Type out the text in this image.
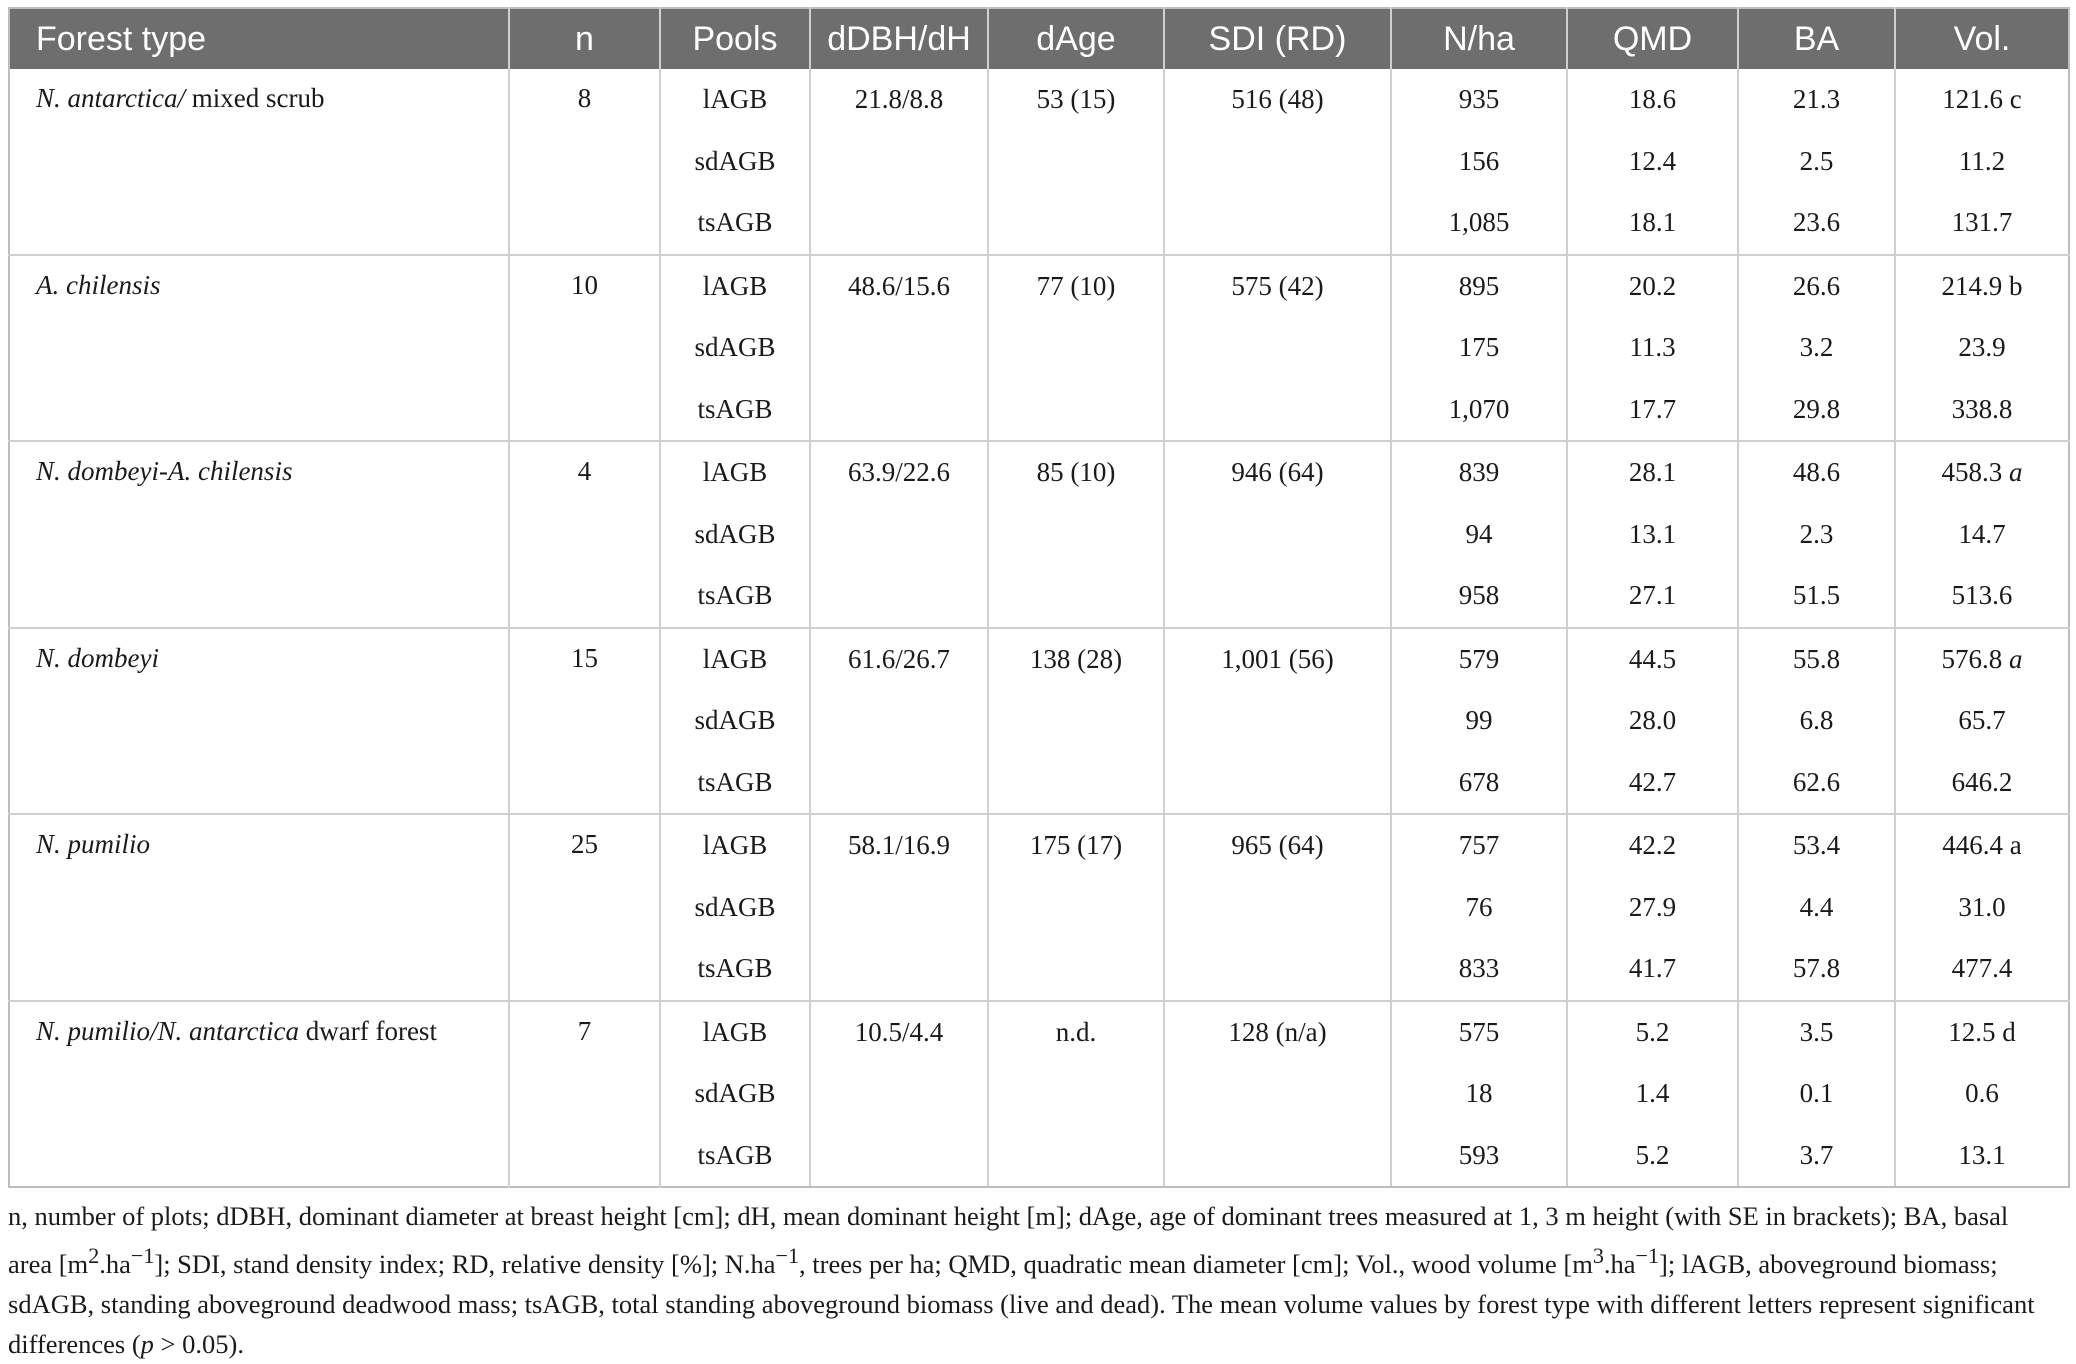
Forest type	n	Pools	dDBH/dH	dAge	SDI (RD)	N/ha	QMD	BA	Vol.
N. antarctica/ mixed scrub	8	lAGB	21.8/8.8	53 (15)	516 (48)	935	18.6	21.3	121.6 c
		sdAGB				156	12.4	2.5	11.2
		tsAGB				1,085	18.1	23.6	131.7
A. chilensis	10	lAGB	48.6/15.6	77 (10)	575 (42)	895	20.2	26.6	214.9 b
		sdAGB				175	11.3	3.2	23.9
		tsAGB				1,070	17.7	29.8	338.8
N. dombeyi-A. chilensis	4	lAGB	63.9/22.6	85 (10)	946 (64)	839	28.1	48.6	458.3 a
		sdAGB				94	13.1	2.3	14.7
		tsAGB				958	27.1	51.5	513.6
N. dombeyi	15	lAGB	61.6/26.7	138 (28)	1,001 (56)	579	44.5	55.8	576.8 a
		sdAGB				99	28.0	6.8	65.7
		tsAGB				678	42.7	62.6	646.2
N. pumilio	25	lAGB	58.1/16.9	175 (17)	965 (64)	757	42.2	53.4	446.4 a
		sdAGB				76	27.9	4.4	31.0
		tsAGB				833	41.7	57.8	477.4
N. pumilio/N. antarctica dwarf forest	7	lAGB	10.5/4.4	n.d.	128 (n/a)	575	5.2	3.5	12.5 d
		sdAGB				18	1.4	0.1	0.6
		tsAGB				593	5.2	3.7	13.1
n, number of plots; dDBH, dominant diameter at breast height [cm]; dH, mean dominant height [m]; dAge, age of dominant trees measured at 1, 3 m height (with SE in brackets); BA, basal area $[m^2.ha^{-1}]$; SDI, stand density index; RD, relative density [%]; $N.ha^{-1}$, trees per ha; QMD, quadratic mean diameter [cm]; Vol., wood volume $[m^3.ha^{-1}]$; lAGB, aboveground biomass; sdAGB, standing aboveground deadwood mass; tsAGB, total standing aboveground biomass (live and dead). The mean volume values by forest type with different letters represent significant differences (p > 0.05).
